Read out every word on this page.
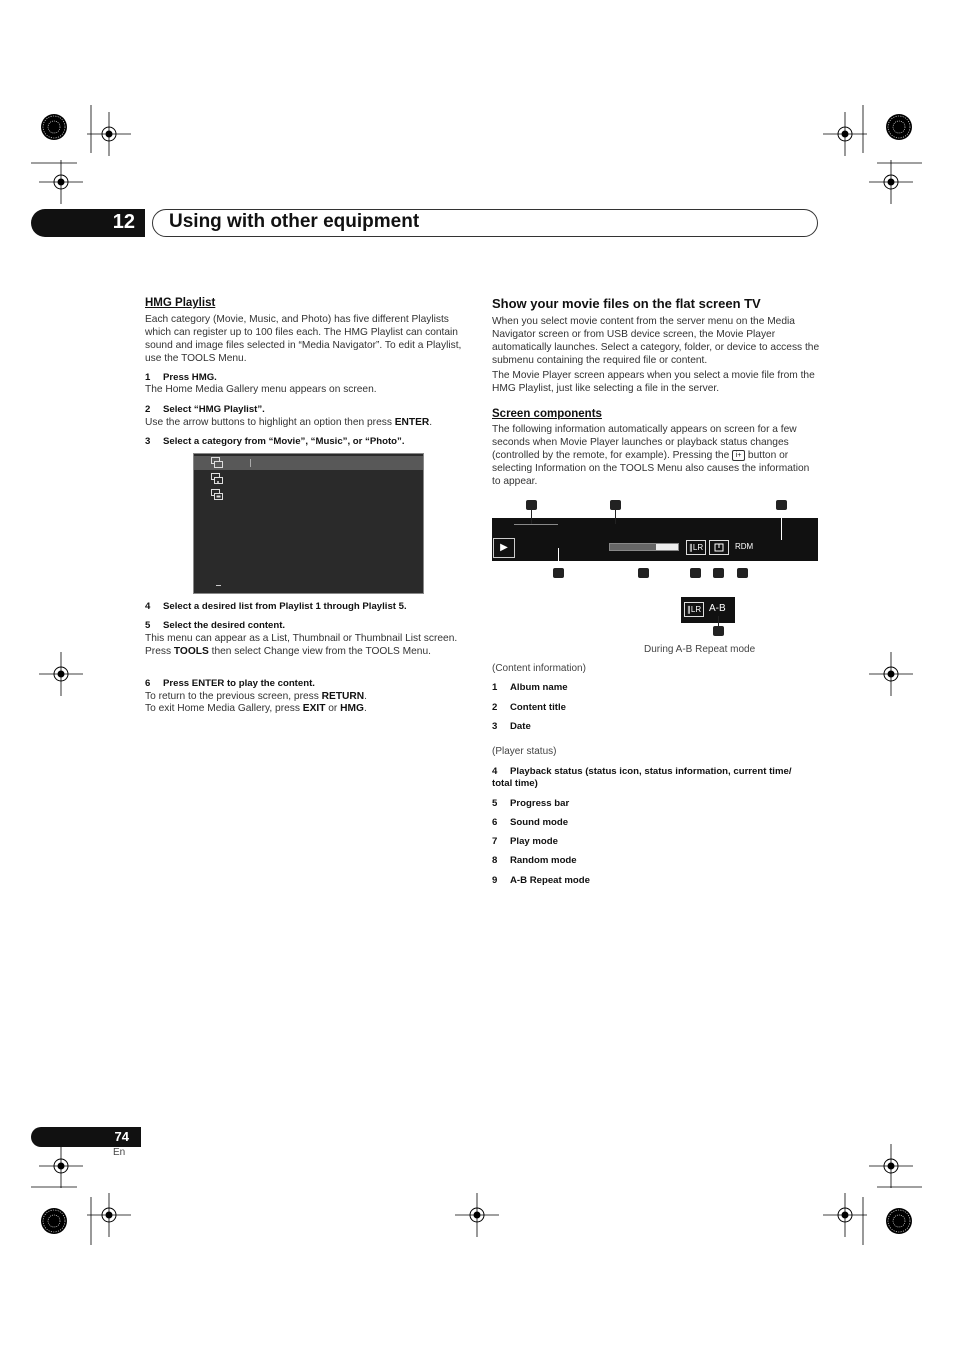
12 Using with other equipment
HMG Playlist
Each category (Movie, Music, and Photo) has five different Playlists which can register up to 100 files each. The HMG Playlist can contain sound and image files selected in “Media Navigator”. To edit a Playlist, use the TOOLS Menu.
1 Press HMG.
The Home Media Gallery menu appears on screen.
2 Select “HMG Playlist”.
Use the arrow buttons to highlight an option then press ENTER.
3 Select a category from “Movie”, “Music”, or “Photo”.
4 Select a desired list from Playlist 1 through Playlist 5.
5 Select the desired content.
This menu can appear as a List, Thumbnail or Thumbnail List screen. Press TOOLS then select Change view from the TOOLS Menu.
6 Press ENTER to play the content.
To return to the previous screen, press RETURN.
To exit Home Media Gallery, press EXIT or HMG.
Show your movie files on the flat screen TV
When you select movie content from the server menu on the Media Navigator screen or from USB device screen, the Movie Player automatically launches. Select a category, folder, or device to access the submenu containing the required file or content.
The Movie Player screen appears when you select a movie file from the HMG Playlist, just like selecting a file in the server.
Screen components
The following information automatically appears on screen for a few seconds when Movie Player launches or playback status changes (controlled by the remote, for example). Pressing the i+ button or selecting Information on the TOOLS Menu also causes the information to appear.
▶	∥LR	RDM
∥LR A-B
During A-B Repeat mode
(Content information)
1 Album name
2 Content title
3 Date
(Player status)
4 Playback status (status icon, status information, current time/
total time)
5 Progress bar
6 Sound mode
7 Play mode
8 Random mode
9 A-B Repeat mode
74
En
